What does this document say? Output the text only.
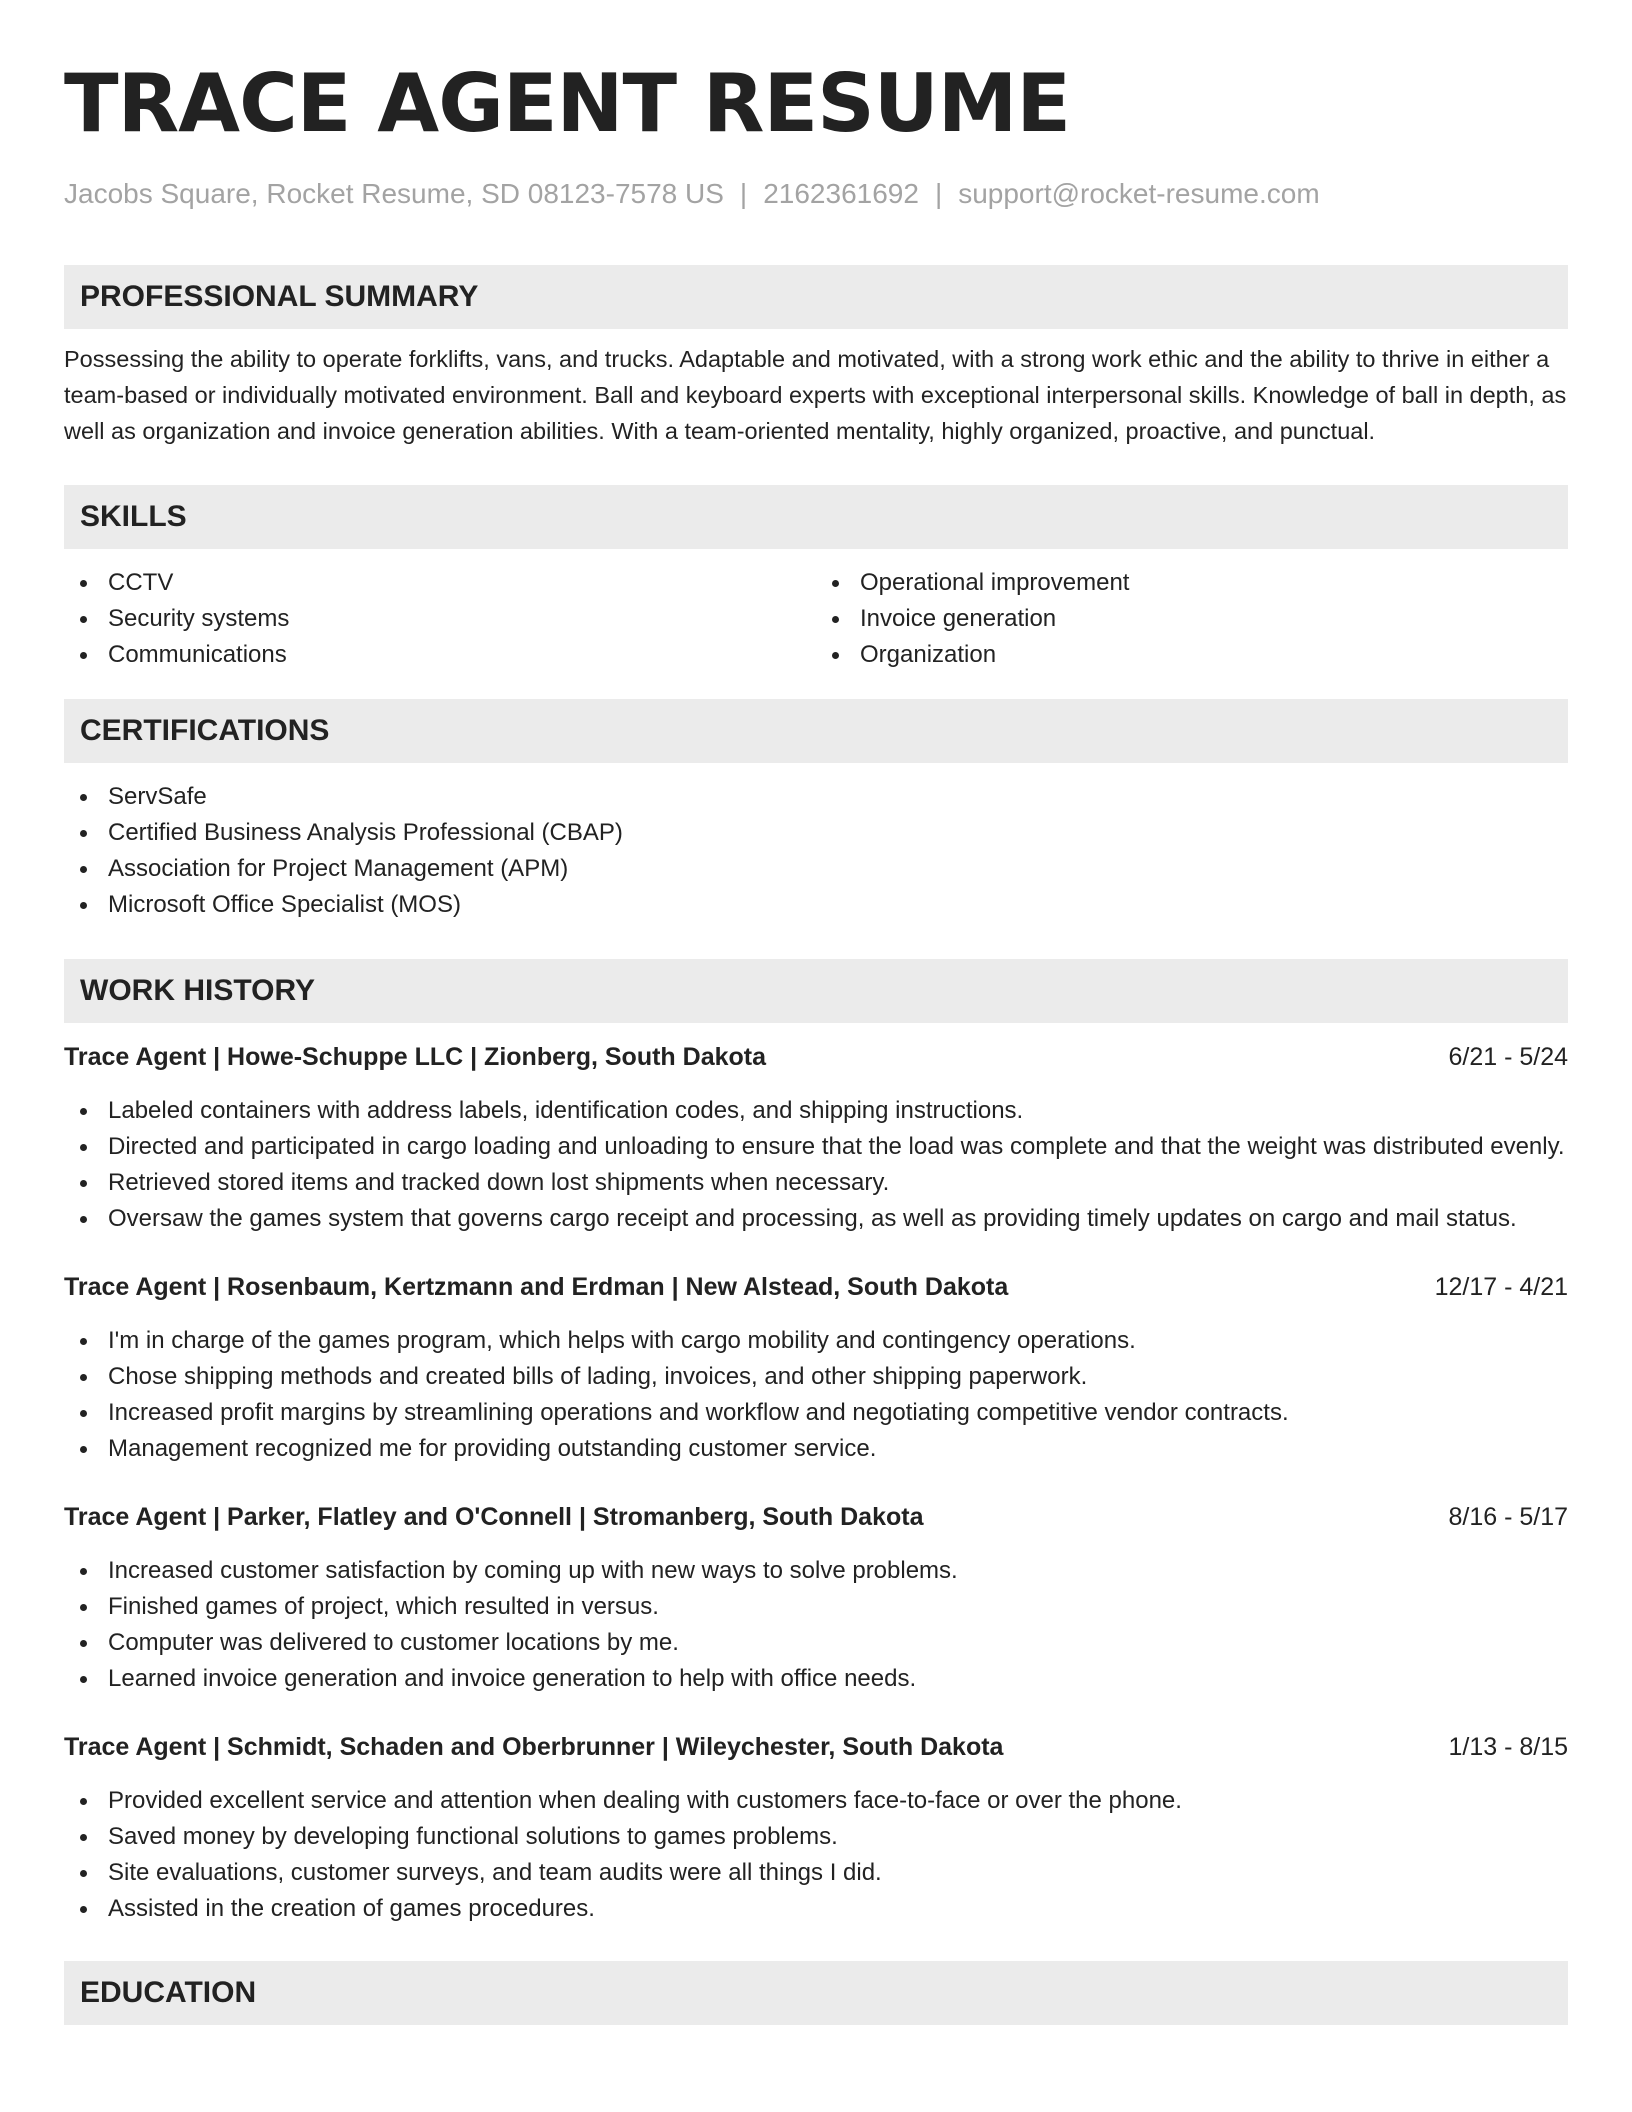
TRACE AGENT RESUME
Jacobs Square, Rocket Resume, SD 08123-7578 US | 2162361692 | support@rocket-resume.com
PROFESSIONAL SUMMARY

Possessing the ability to operate forklifts, vans, and trucks. Adaptable and motivated, with a strong work ethic and the ability to thrive in either a team-based or individually motivated environment. Ball and keyboard experts with exceptional interpersonal skills. Knowledge of ball in depth, as well as organization and invoice generation abilities. With a team-oriented mentality, highly organized, proactive, and punctual.

SKILLS
CCTV
Security systems
Communications
Operational improvement
Invoice generation
Organization
CERTIFICATIONS
ServSafe
Certified Business Analysis Professional (CBAP)
Association for Project Management (APM)
Microsoft Office Specialist (MOS)
WORK HISTORY
Trace Agent | Howe-Schuppe LLC | Zionberg, South Dakota	6/21 - 5/24
Labeled containers with address labels, identification codes, and shipping instructions.
Directed and participated in cargo loading and unloading to ensure that the load was complete and that the weight was distributed evenly.
Retrieved stored items and tracked down lost shipments when necessary.
Oversaw the games system that governs cargo receipt and processing, as well as providing timely updates on cargo and mail status.
Trace Agent | Rosenbaum, Kertzmann and Erdman | New Alstead, South Dakota	12/17 - 4/21
I'm in charge of the games program, which helps with cargo mobility and contingency operations.
Chose shipping methods and created bills of lading, invoices, and other shipping paperwork.
Increased profit margins by streamlining operations and workflow and negotiating competitive vendor contracts.
Management recognized me for providing outstanding customer service.
Trace Agent | Parker, Flatley and O'Connell | Stromanberg, South Dakota	8/16 - 5/17
Increased customer satisfaction by coming up with new ways to solve problems.
Finished games of project, which resulted in versus.
Computer was delivered to customer locations by me.
Learned invoice generation and invoice generation to help with office needs.
Trace Agent | Schmidt, Schaden and Oberbrunner | Wileychester, South Dakota	1/13 - 8/15
Provided excellent service and attention when dealing with customers face-to-face or over the phone.
Saved money by developing functional solutions to games problems.
Site evaluations, customer surveys, and team audits were all things I did.
Assisted in the creation of games procedures.
EDUCATION
